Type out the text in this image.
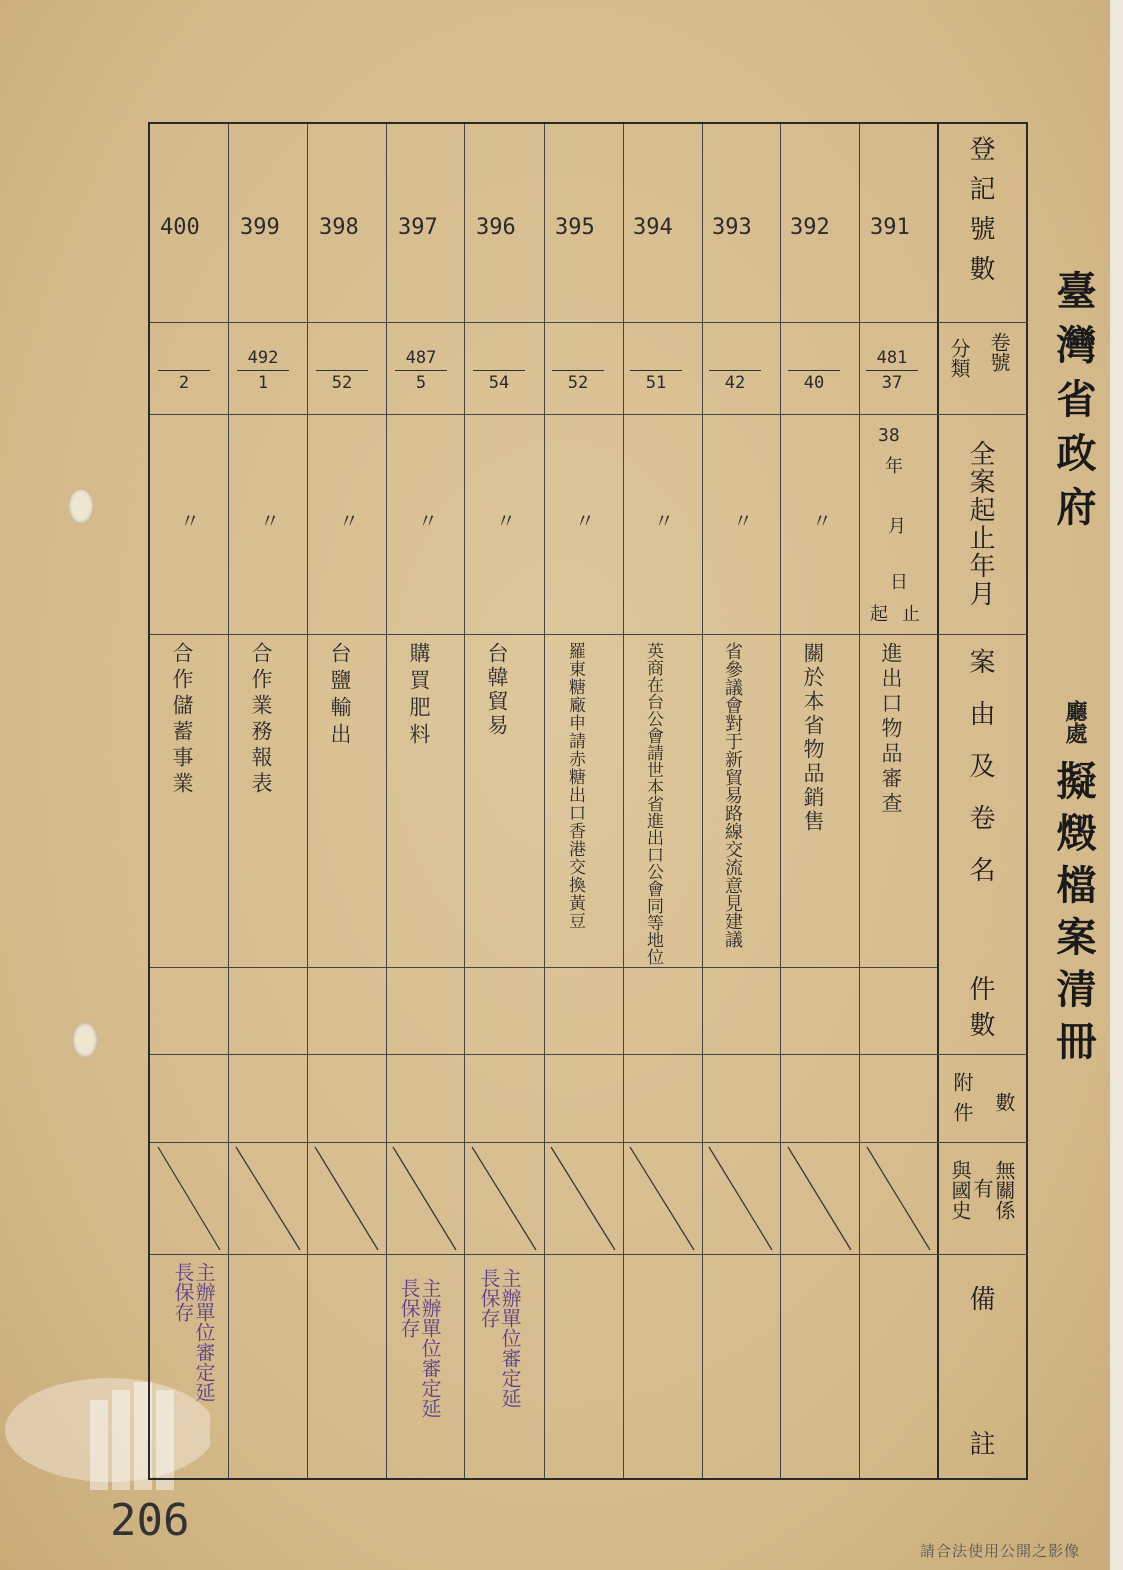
登記號數
卷號
分類
全案起止年月
案由及卷名
件數
數
附件
無關係
有
與國史
備
註
臺灣省政府
廳處
擬燬檔案清冊
391
392
393
394
395
396
397
398
399
400
481
37
40
42
51
52
54
487
5
52
492
1
2
38
年
月
日
起 止
〃
〃
〃
〃
〃
〃
〃
〃
〃
進出口物品審查
關於本省物品銷售
省參議會對于新貿易路線交流意見建議
英商在台公會請世本省進出口公會同等地位
羅東糖廠申請赤糖出口香港交換黃豆
台韓貿易
購買肥料
台鹽輸出
合作業務報表
合作儲蓄事業
主辦單位審定延長保存
主辦單位審定延長保存
主辦單位審定延長保存
206
請合法使用公開之影像
